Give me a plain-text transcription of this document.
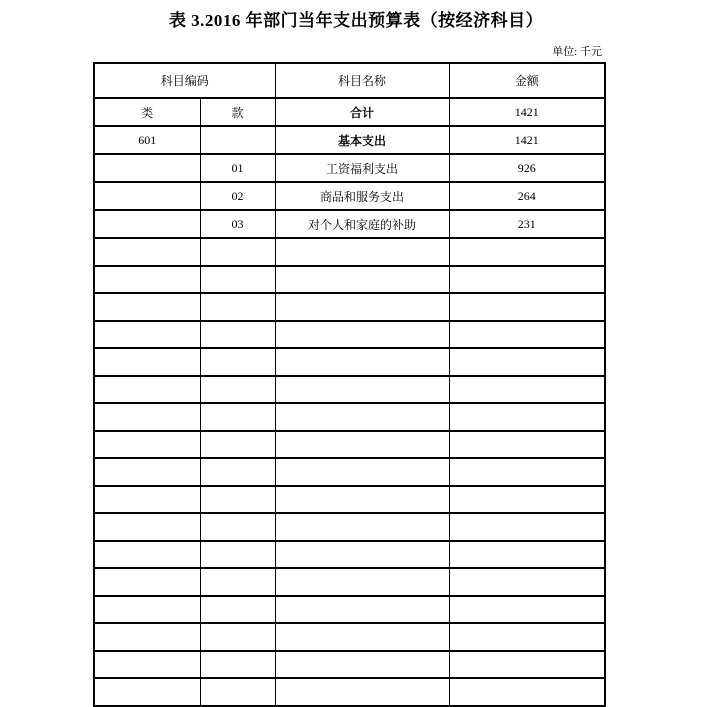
表 3.2016 年部门当年支出预算表（按经济科目）
单位: 千元
科目编码		科目名称	金额
类	款	合计	1421
601		基本支出	1421
	01	工资福利支出	926
	02	商品和服务支出	264
	03	对个人和家庭的补助	231
